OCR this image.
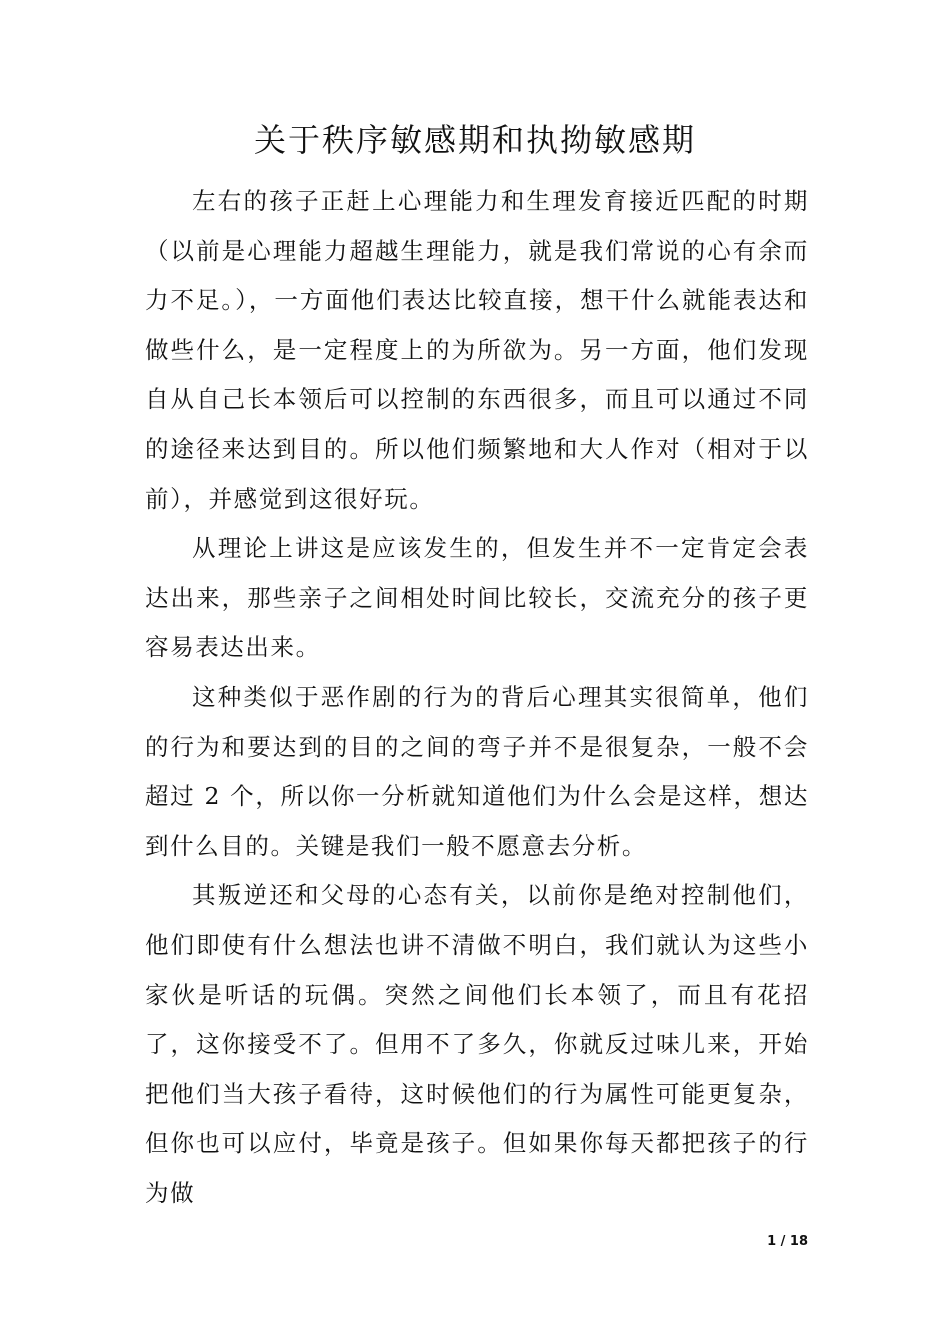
关于秩序敏感期和执拗敏感期

左右的孩子正赶上心理能力和生理发育接近匹配的时期（以前是心理能力超越生理能力，就是我们常说的心有余而力不足。），一方面他们表达比较直接，想干什么就能表达和做些什么，是一定程度上的为所欲为。另一方面，他们发现自从自己长本领后可以控制的东西很多，而且可以通过不同的途径来达到目的。所以他们频繁地和大人作对（相对于以前），并感觉到这很好玩。

从理论上讲这是应该发生的，但发生并不一定肯定会表达出来，那些亲子之间相处时间比较长，交流充分的孩子更容易表达出来。

这种类似于恶作剧的行为的背后心理其实很简单，他们的行为和要达到的目的之间的弯子并不是很复杂，一般不会超过 2 个，所以你一分析就知道他们为什么会是这样，想达到什么目的。关键是我们一般不愿意去分析。

其叛逆还和父母的心态有关，以前你是绝对控制他们，他们即使有什么想法也讲不清做不明白，我们就认为这些小家伙是听话的玩偶。突然之间他们长本领了，而且有花招了，这你接受不了。但用不了多久，你就反过味儿来，开始把他们当大孩子看待，这时候他们的行为属性可能更复杂，但你也可以应付，毕竟是孩子。但如果你每天都把孩子的行为做

1 / 18
